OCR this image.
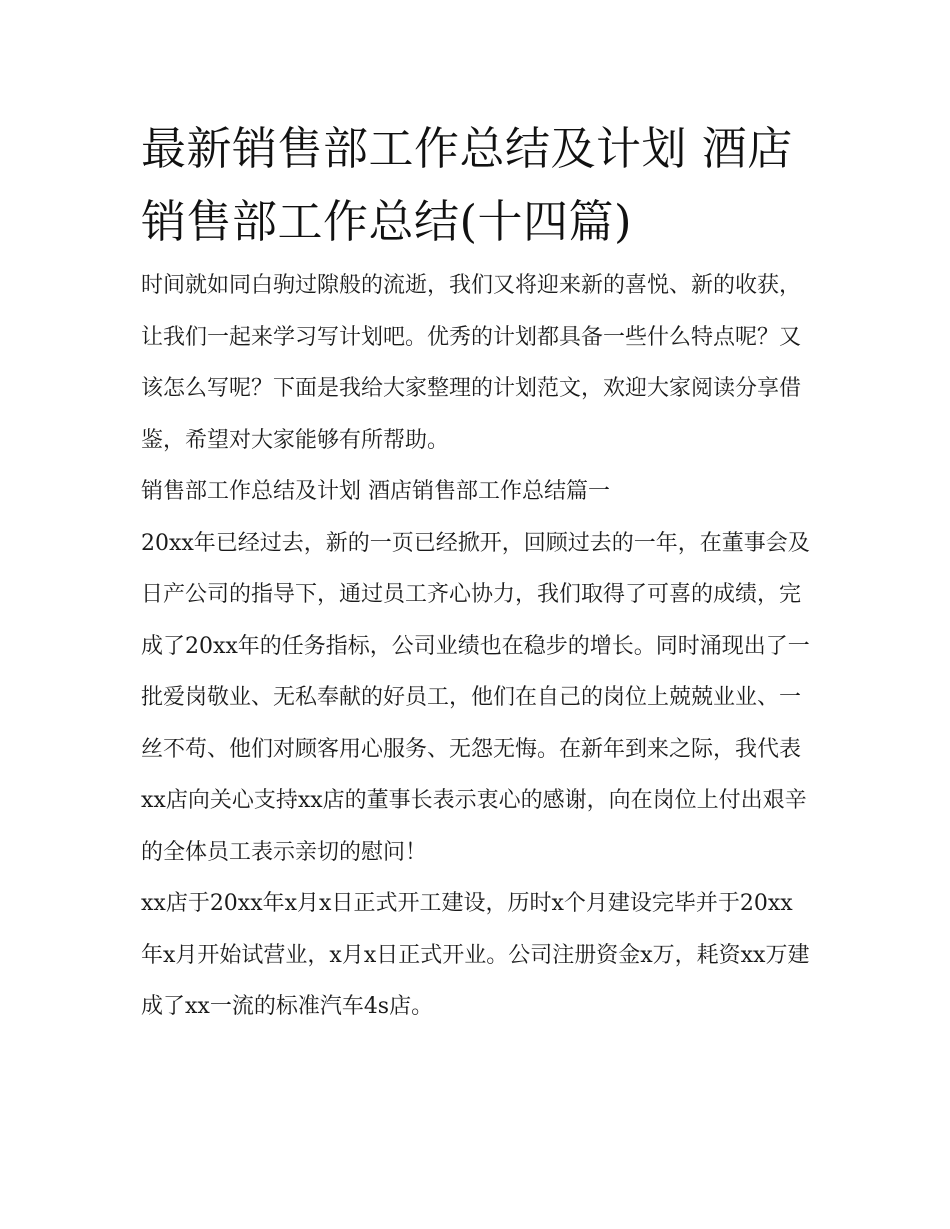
最新销售部工作总结及计划 酒店销售部工作总结(十四篇)

时间就如同白驹过隙般的流逝，我们又将迎来新的喜悦、新的收获，让我们一起来学习写计划吧。优秀的计划都具备一些什么特点呢？又该怎么写呢？下面是我给大家整理的计划范文，欢迎大家阅读分享借鉴，希望对大家能够有所帮助。

销售部工作总结及计划 酒店销售部工作总结篇一

20xx年已经过去，新的一页已经掀开，回顾过去的一年，在董事会及日产公司的指导下，通过员工齐心协力，我们取得了可喜的成绩，完成了20xx年的任务指标，公司业绩也在稳步的增长。同时涌现出了一批爱岗敬业、无私奉献的好员工，他们在自己的岗位上兢兢业业、一丝不苟、他们对顾客用心服务、无怨无悔。在新年到来之际，我代表xx店向关心支持xx店的董事长表示衷心的感谢，向在岗位上付出艰辛的全体员工表示亲切的慰问！

xx店于20xx年x月x日正式开工建设，历时x个月建设完毕并于20xx年x月开始试营业，x月x日正式开业。公司注册资金x万，耗资xx万建成了xx一流的标准汽车4s店。
